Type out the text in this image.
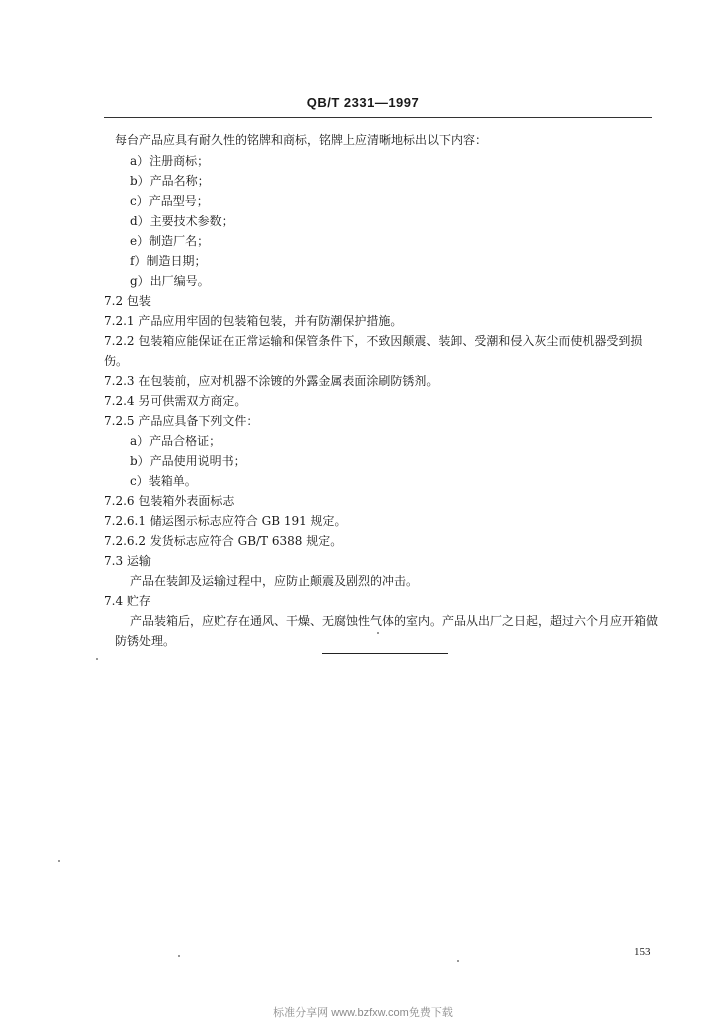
QB/T 2331—1997
每台产品应具有耐久性的铭牌和商标，铭牌上应清晰地标出以下内容：
a）注册商标；
b）产品名称；
c）产品型号；
d）主要技术参数；
e）制造厂名；
f）制造日期；
g）出厂编号。
7.2 包装
7.2.1 产品应用牢固的包装箱包装，并有防潮保护措施。
7.2.2 包装箱应能保证在正常运输和保管条件下，不致因颠震、装卸、受潮和侵入灰尘而使机器受到损
伤。
7.2.3 在包装前，应对机器不涂镀的外露金属表面涂刷防锈剂。
7.2.4 另可供需双方商定。
7.2.5 产品应具备下列文件：
a）产品合格证；
b）产品使用说明书；
c）装箱单。
7.2.6 包装箱外表面标志
7.2.6.1 储运图示标志应符合 GB 191 规定。
7.2.6.2 发货标志应符合 GB/T 6388 规定。
7.3 运输
产品在装卸及运输过程中，应防止颠震及剧烈的冲击。
7.4 贮存
产品装箱后，应贮存在通风、干燥、无腐蚀性气体的室内。产品从出厂之日起，超过六个月应开箱做
防锈处理。
153
标准分享网 www.bzfxw.com免费下载
